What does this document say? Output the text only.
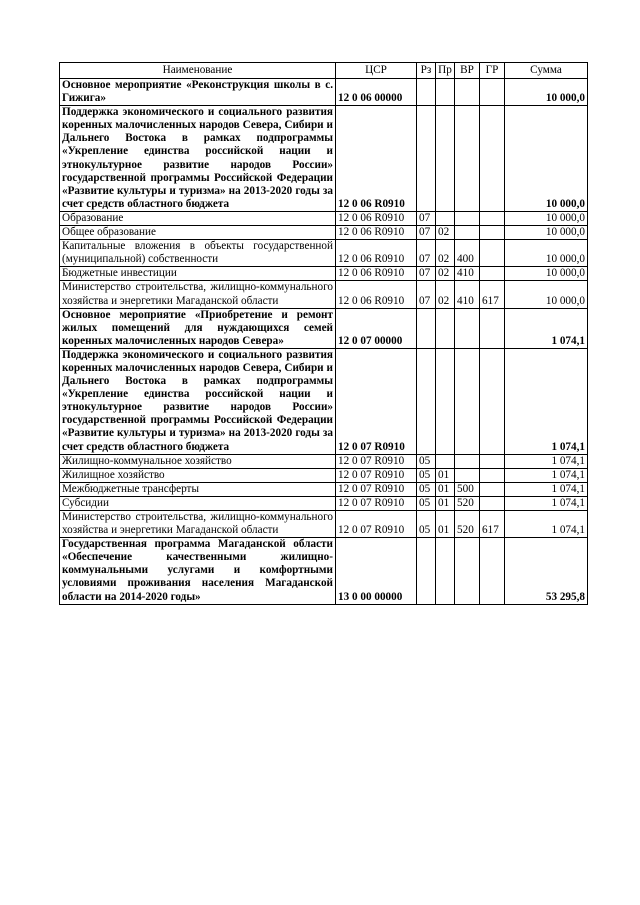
Наименование	ЦСР	Рз	Пр	ВР	ГР	Сумма
Основное мероприятие «Реконструкция школы в с. Гижига»	12 0 06 00000					10 000,0
Поддержка экономического и социального развития коренных малочисленных народов Севера, Сибири и Дальнего Востока в рамках подпрограммы «Укрепление единства российской нации и этнокультурное развитие народов России» государственной программы Российской Федерации «Развитие культуры и туризма» на 2013-2020 годы за счет средств областного бюджета	12 0 06 R0910					10 000,0
Образование	12 0 06 R0910	07				10 000,0
Общее образование	12 0 06 R0910	07	02			10 000,0
Капитальные вложения в объекты государственной (муниципальной) собственности	12 0 06 R0910	07	02	400		10 000,0
Бюджетные инвестиции	12 0 06 R0910	07	02	410		10 000,0
Министерство строительства, жилищно-коммунального хозяйства и энергетики Магаданской области	12 0 06 R0910	07	02	410	617	10 000,0
Основное мероприятие «Приобретение и ремонт жилых помещений для нуждающихся семей коренных малочисленных народов Севера»	12 0 07 00000					1 074,1
Поддержка экономического и социального развития коренных малочисленных народов Севера, Сибири и Дальнего Востока в рамках подпрограммы «Укрепление единства российской нации и этнокультурное развитие народов России» государственной программы Российской Федерации «Развитие культуры и туризма» на 2013-2020 годы за счет средств областного бюджета	12 0 07 R0910					1 074,1
Жилищно-коммунальное хозяйство	12 0 07 R0910	05				1 074,1
Жилищное хозяйство	12 0 07 R0910	05	01			1 074,1
Межбюджетные трансферты	12 0 07 R0910	05	01	500		1 074,1
Субсидии	12 0 07 R0910	05	01	520		1 074,1
Министерство строительства, жилищно-коммунального хозяйства и энергетики Магаданской области	12 0 07 R0910	05	01	520	617	1 074,1
Государственная программа Магаданской области «Обеспечение качественными жилищно-коммунальными услугами и комфортными условиями проживания населения Магаданской области на 2014-2020 годы»	13 0 00 00000					53 295,8
